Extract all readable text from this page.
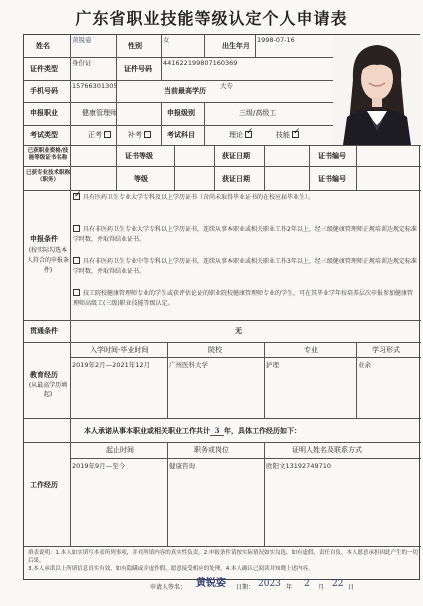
广东省职业技能等级认定个人申请表
姓名
黄锐姿
性别
女
出生年月
1998-07-16
证件类型
身份证
证件号码
44162219980716036​9
手机号码
15766301305
当前最高学历
大专
申报职业	健康管理师	申报级别	三级/高级工
考试类型	正考	补考	考试科目	理论✓	技能✓
已获职业资格/技能等级证书名称	证书等级	获证日期	证书编号
已获专业技术职称（职务）	等级	获证日期	证书编号
申报条件
(按实际勾选本人符合的申报条件)
✓具有医药卫生专业大学专科及以上学历证书（含尚未取得毕业证书的在校应届毕业生）。
具有非医药卫生专业大学专科以上学历证书，连续从事本职业或相关职业工作2年以上，经三级健康管理师正规培训达规定标准学时数，并取得结业证书。
具有非医药卫生专业中等专科以上学历证书，连续从事本职业或相关职业工作3年以上，经三级健康管理师正规培训达规定标准学时数，并取得结业证书。
技工院校健康管理师专业的学生或获评估论证的职业院校健康管理师专业的学生，可在其毕业学年按培养层次申报参加健康管理师高级工(三级)职业技能等级认定。
贯通条件	无
入学时间-毕业时间	院校	专业	学习形式
教育经历
(从最高学历填起)
2019年2月—2021年12月	广州医科大学	护理	业余
本人承诺从事本职业或相关职业工作共计 3 年，具体工作经历如下：
起止时间	职务或岗位	证明人姓名及联系方式
工作经历
2019年9月—至今	健康咨询	欧阳文13192749710
填表说明：1.本人如实填写本表所列事项，并对所填内容的真实性负责。2.申报条件请按实际情况如实勾选，如有虚假，责任自负，本人愿意承担因此产生的一切后果。
3.本人承诺以上所填信息真实有效，如有隐瞒或弄虚作假，愿意接受相应的处理。4.本人确认已阅读并知晓上述内容。
申请人签名： 黄锐姿 日期： 2023 年 2 月 22 日
